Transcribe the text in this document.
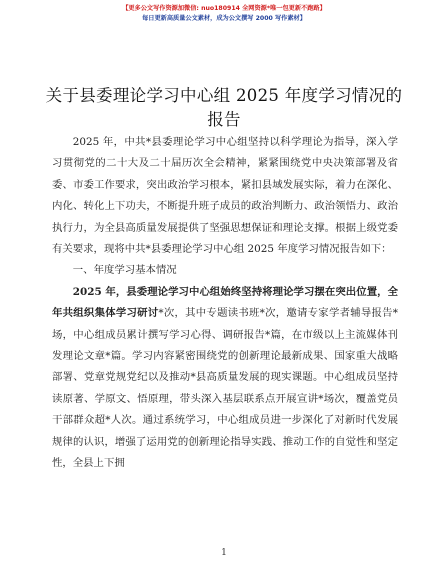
【更多公文写作资源加微信: nuo180914 全网资源*唯一包更新不跑路】
每日更新高质量公文素材，成为公文撰写 2000 写作素材】
关于县委理论学习中心组 2025 年度学习情况的报告

2025 年，中共*县委理论学习中心组坚持以科学理论为指导，深入学习贯彻党的二十大及二十届历次全会精神，紧紧围绕党中央决策部署及省委、市委工作要求，突出政治学习根本，紧扣县域发展实际，着力在深化、内化、转化上下功夫，不断提升班子成员的政治判断力、政治领悟力、政治执行力，为全县高质量发展提供了坚强思想保证和理论支撑。根据上级党委有关要求，现将中共*县委理论学习中心组 2025 年度学习情况报告如下：

一、年度学习基本情况

2025 年，县委理论学习中心组始终坚持将理论学习摆在突出位置，全年共组织集体学习研讨*次，其中专题读书班*次，邀请专家学者辅导报告*场，中心组成员累计撰写学习心得、调研报告*篇，在市级以上主流媒体刊发理论文章*篇。学习内容紧密围绕党的创新理论最新成果、国家重大战略部署、党章党规党纪以及推动*县高质量发展的现实课题。中心组成员坚持读原著、学原文、悟原理，带头深入基层联系点开展宣讲*场次，覆盖党员干部群众超*人次。通过系统学习，中心组成员进一步深化了对新时代发展规律的认识，增强了运用党的创新理论指导实践、推动工作的自觉性和坚定性，全县上下拥

1
